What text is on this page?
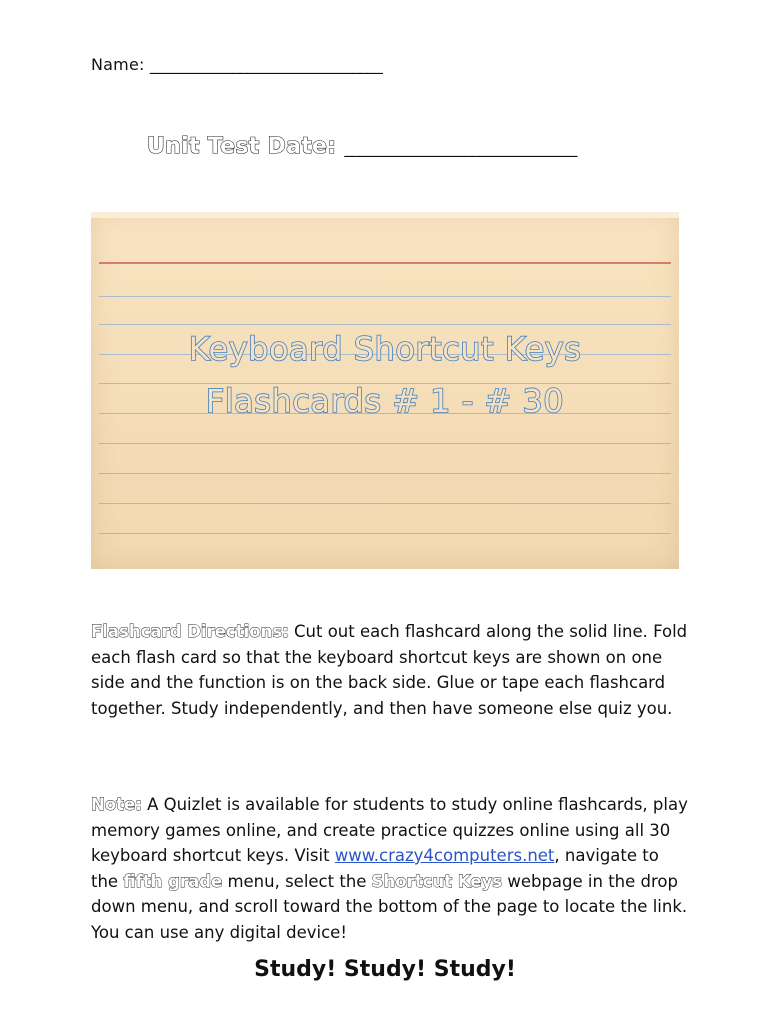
Name: _______________________________
Unit Test Date: _______________________________
Keyboard Shortcut Keys
Flashcards # 1 - # 30
Flashcard Directions: Cut out each flashcard along the solid line. Fold each flash card so that the keyboard shortcut keys are shown on one side and the function is on the back side. Glue or tape each flashcard together. Study independently, and then have someone else quiz you.
Note: A Quizlet is available for students to study online flashcards, play memory games online, and create practice quizzes online using all 30 keyboard shortcut keys. Visit www.crazy4computers.net, navigate to the fifth grade menu, select the Shortcut Keys webpage in the drop down menu, and scroll toward the bottom of the page to locate the link. You can use any digital device!
Study! Study! Study!
